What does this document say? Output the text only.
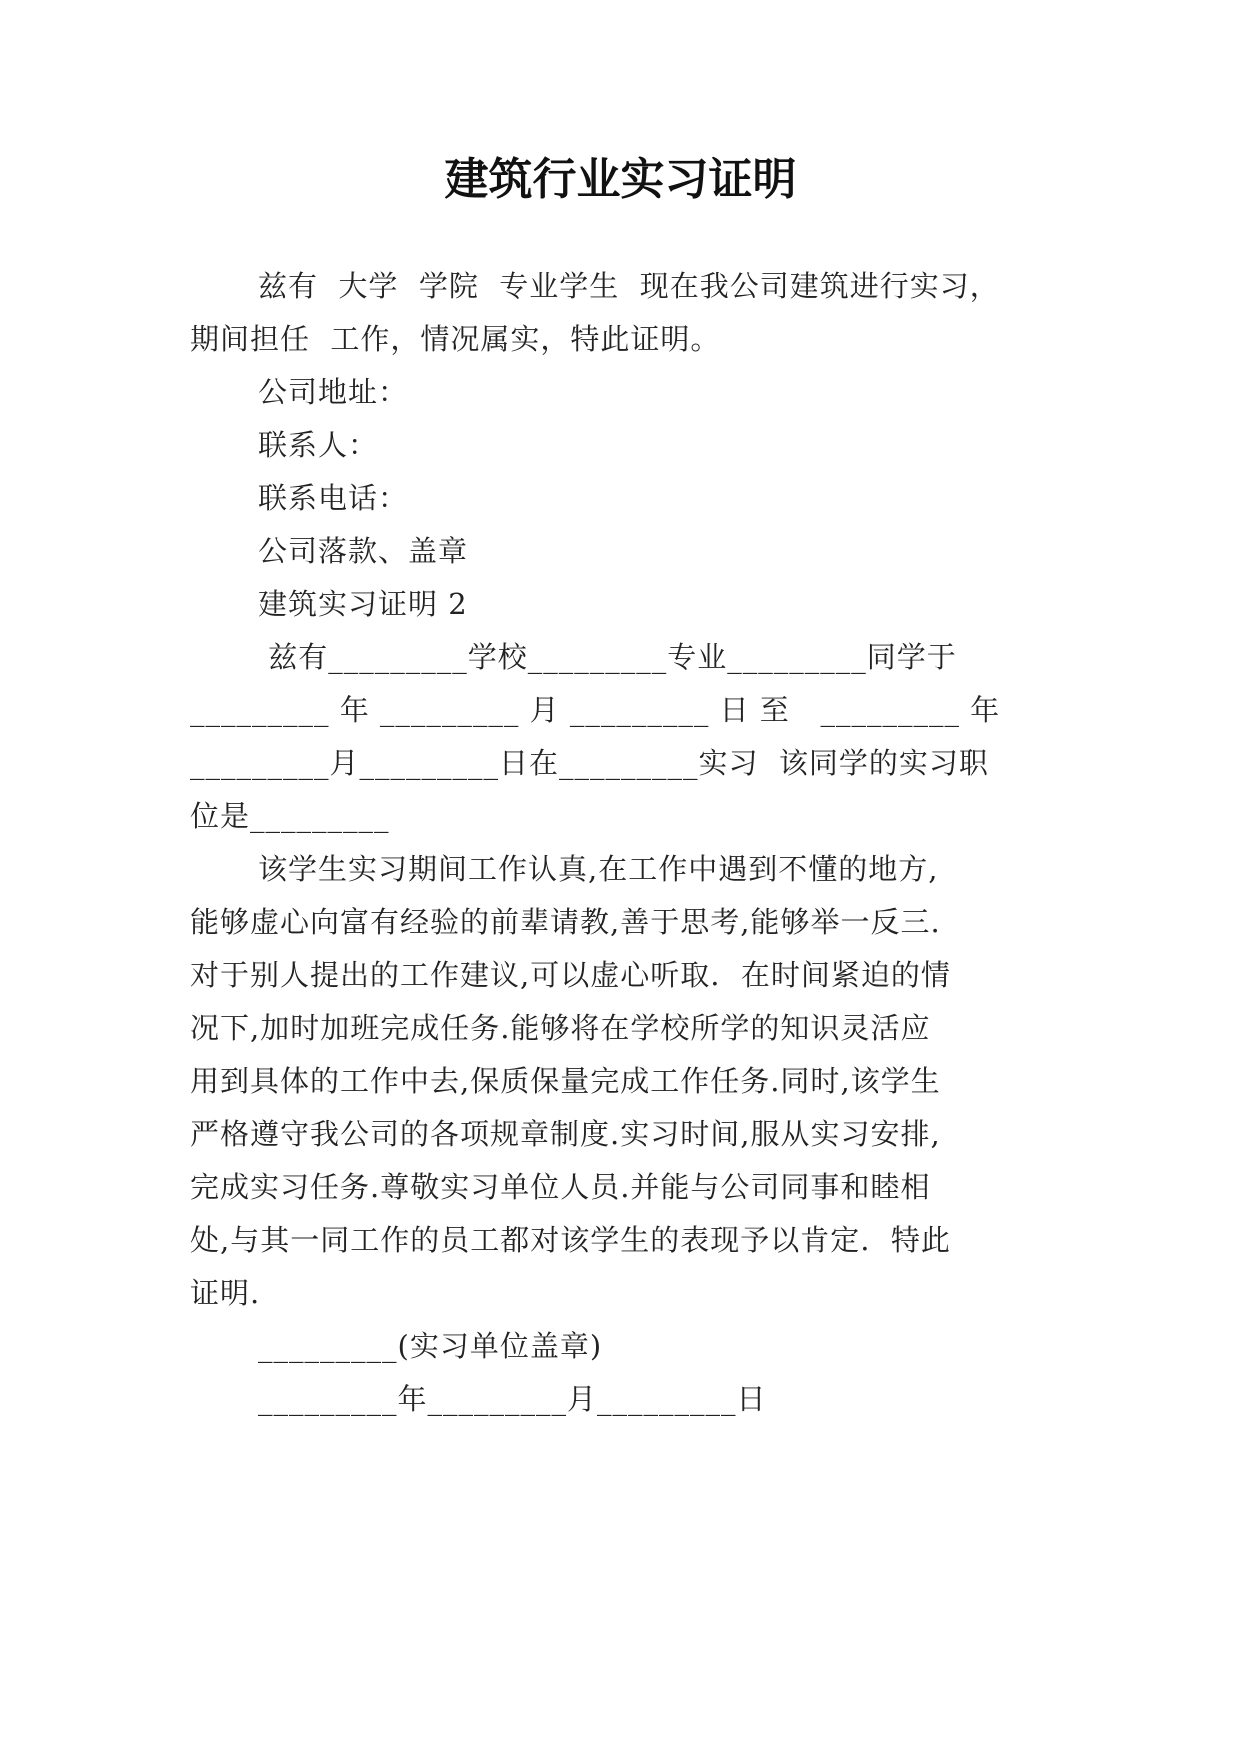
建筑行业实习证明
兹有  大学  学院  专业学生  现在我公司建筑进行实习，
期间担任  工作，情况属实，特此证明。
公司地址：
联系人：
联系电话：
公司落款、盖章
建筑实习证明 2
兹有_________学校_________专业_________同学于
_________ 年 _________ 月 _________ 日 至   _________ 年
_________月_________日在_________实习  该同学的实习职
位是_________
该学生实习期间工作认真,在工作中遇到不懂的地方,
能够虚心向富有经验的前辈请教,善于思考,能够举一反三.
对于别人提出的工作建议,可以虚心听取.  在时间紧迫的情
况下,加时加班完成任务.能够将在学校所学的知识灵活应
用到具体的工作中去,保质保量完成工作任务.同时,该学生
严格遵守我公司的各项规章制度.实习时间,服从实习安排,
完成实习任务.尊敬实习单位人员.并能与公司同事和睦相
处,与其一同工作的员工都对该学生的表现予以肯定.  特此
证明.
_________(实习单位盖章)
_________年_________月_________日
